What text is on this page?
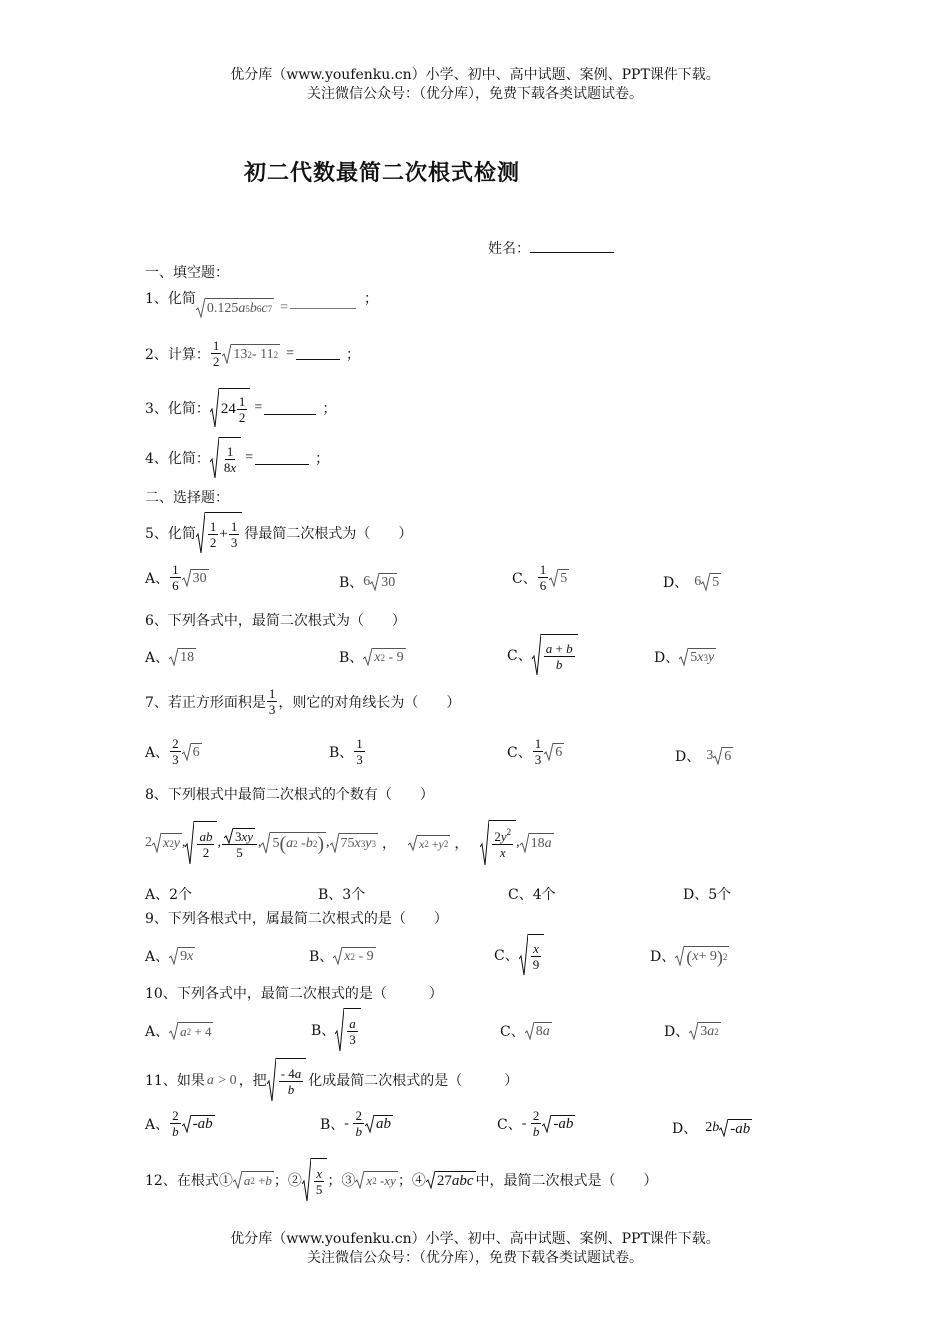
优分库（www.youfenku.cn）小学、初中、高中试题、案例、PPT课件下载。
关注微信公众号：（优分库），免费下载各类试题试卷。
初二代数最简二次根式检测
姓名：
一、填空题：
1、化简
0.125 a 5 b 6 c 7 =
；
2、计算： $\frac{1}{2} 13$ 2 - 11 2 =	；
3、化简： $24 \frac{1}{2}$ =	；
4、化简： $\frac{1}{8x}$ =	；
二、选择题：
5、化简 $\frac{1}{2} + \frac{1}{3}$ 得最简二次根式为（　　）
A、 $\frac{1}{6} 30$	B、 6 30	C、 $\frac{1}{6} 5$	D、 6 5
6、下列各式中，最简二次根式为（　　）
A、 18	B、 x 2 - 9	C、 $\frac{a + b}{b}$	D、 5 x 3 y
7、若正方形面积是 $\frac{1}{3}$ ，则它的对角线长为（　　）
A、 $\frac{2}{3} 6$	B、 $\frac{1}{3}$	C、 $\frac{1}{3} 6$	D、 3 6
8、下列根式中最简二次根式的个数有（　　）
2 x 2 y , $\frac{ab}{2}$ , $\frac{3 xy}{5}$ , 5 ( a 2 - b 2 ) , 75 x 3 y 3 ， x 2 + y 2 ， $\frac{2y^2}{x}$ , 18 a
A、2个	B、3个	C、4个	D、5个
9、下列各根式中，属最简二次根式的是（　　）
A、 9 x	B、 x 2 - 9	C、 $\frac{x}{9}$	D、 ( x + 9 ) 2
10、下列各式中，最简二次根式的是（　　　）
A、 a 2 + 4	B、 $\frac{a}{3}$	C、 8 a	D、 3 a 2
11、如果 a > 0 ，把 $\frac{- 4a}{b}$ 化成最简二次根式的是（　　　）
A、 $\frac{2}{b}$ - ab	B、 - $\frac{2}{b}$ ab	C、 - $\frac{2}{b}$ - ab	D、 2b - ab
12、在根式① a 2 + b ；② $\frac{x}{5}$ ；③ x 2 - xy ；④ 27 abc 中，最简二次根式是（　　）
优分库（www.youfenku.cn）小学、初中、高中试题、案例、PPT课件下载。
关注微信公众号：（优分库），免费下载各类试题试卷。
